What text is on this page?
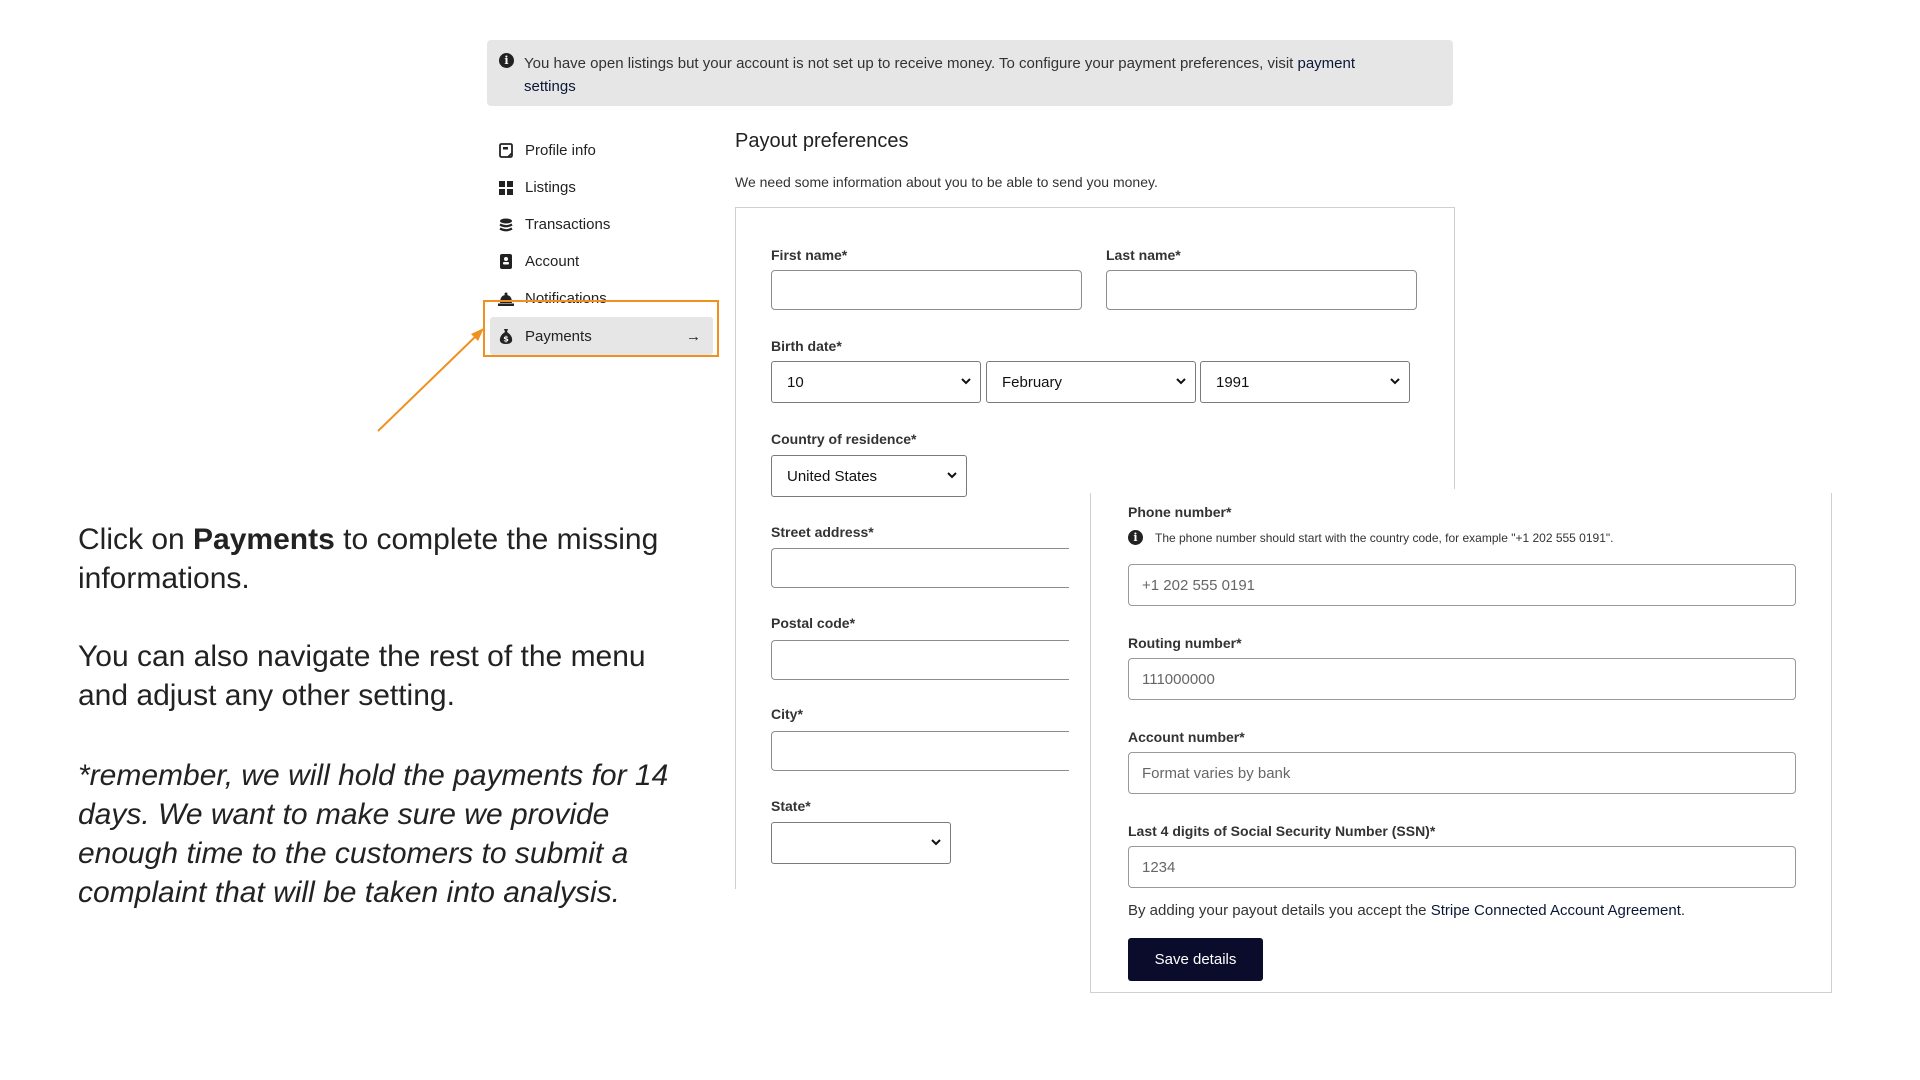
i	You have open listings but your account is not set up to receive money. To configure your payment preferences, visit payment settings
Profile info
Listings
Transactions
Account
Notifications
$ Payments	→
Payout preferences
We need some information about you to be able to send you money.
First name*	Last name*
Birth date*
10	February	1991
Country of residence*
United States
Street address*
Postal code*
City*
State*
Phone number*
i	The phone number should start with the country code, for example "+1 202 555 0191".
+1 202 555 0191
Routing number*
111000000
Account number*
Format varies by bank
Last 4 digits of Social Security Number (SSN)*
1234
By adding your payout details you accept the Stripe Connected Account Agreement.
Save details
Click on Payments to complete the missing informations.
You can also navigate the rest of the menu and adjust any other setting.
*remember, we will hold the payments for 14 days. We want to make sure we provide enough time to the customers to submit a complaint that will be taken into analysis.
